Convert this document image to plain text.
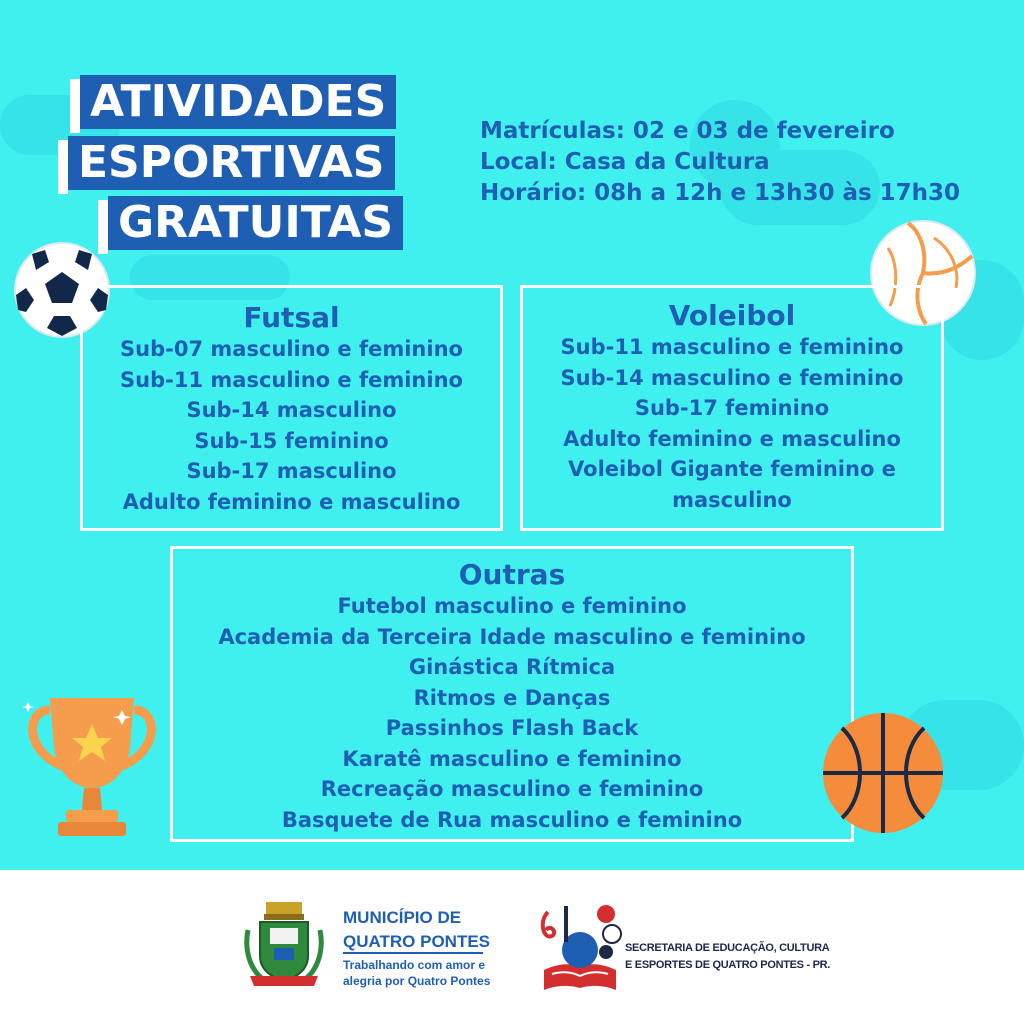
ATIVIDADES
ESPORTIVAS
GRATUITAS
Matrículas: 02 e 03 de fevereiro
Local: Casa da Cultura
Horário: 08h a 12h e 13h30 às 17h30
Futsal
Sub-07 masculino e feminino
Sub-11 masculino e feminino
Sub-14 masculino
Sub-15 feminino
Sub-17 masculino
Adulto feminino e masculino
Voleibol
Sub-11 masculino e feminino
Sub-14 masculino e feminino
Sub-17 feminino
Adulto feminino e masculino
Voleibol Gigante feminino e
masculino
Outras
Futebol masculino e feminino
Academia da Terceira Idade masculino e feminino
Ginástica Rítmica
Ritmos e Danças
Passinhos Flash Back
Karatê masculino e feminino
Recreação masculino e feminino
Basquete de Rua masculino e feminino
MUNICÍPIO DE
QUATRO PONTES
Trabalhando com amor e
alegria por Quatro Pontes
SECRETARIA DE EDUCAÇÃO, CULTURA
E ESPORTES DE QUATRO PONTES - PR.
